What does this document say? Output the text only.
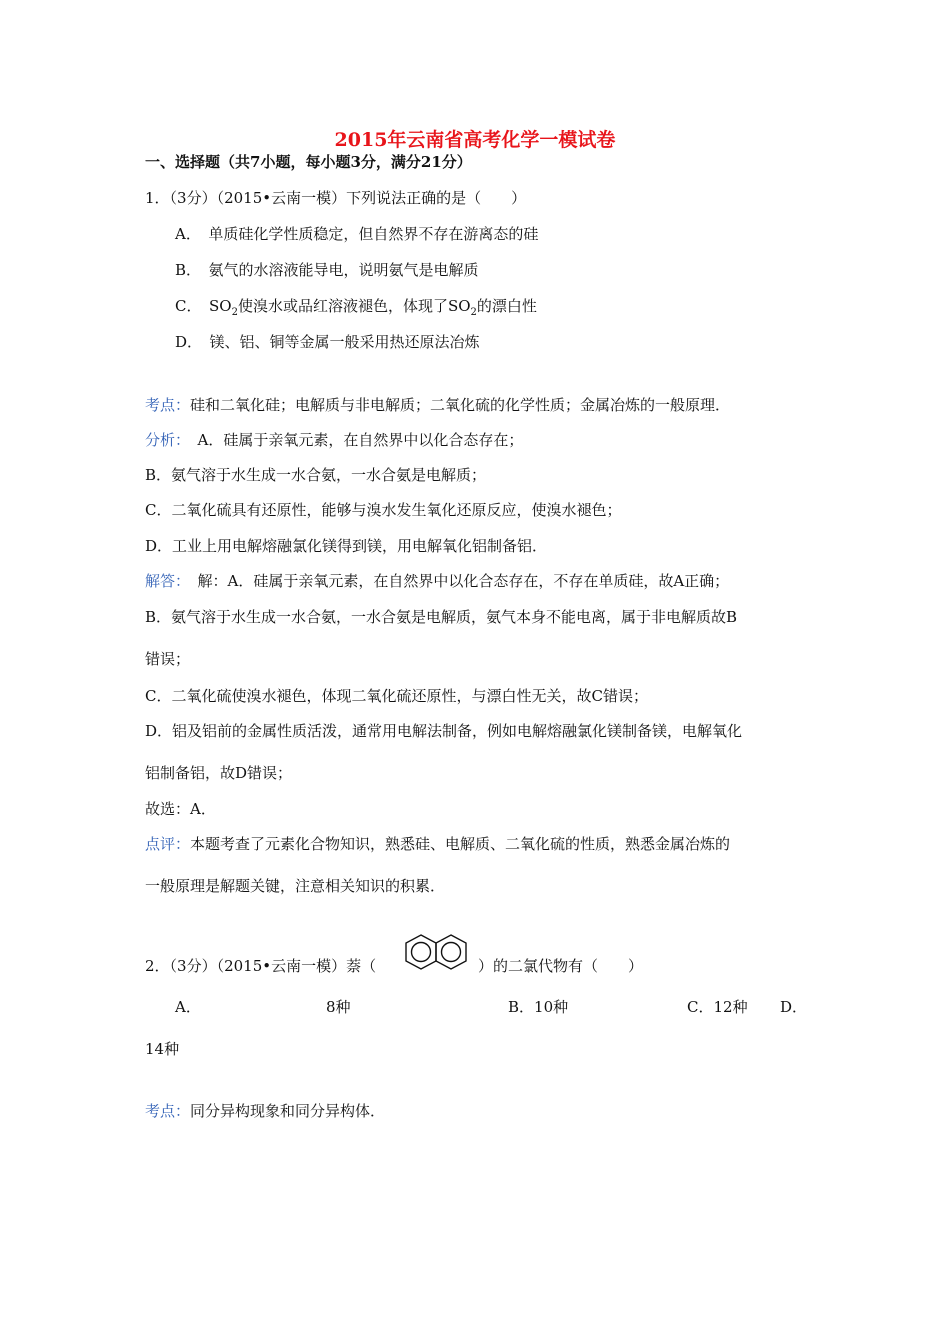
2015年云南省高考化学一模试卷
一、选择题（共7小题，每小题3分，满分21分）
1．（3分）（2015•云南一模）下列说法正确的是（　　）
A．　单质硅化学性质稳定，但自然界不存在游离态的硅
B．　氨气的水溶液能导电，说明氨气是电解质
C．　$SO_2$使溴水或品红溶液褪色，体现了$SO_2$的漂白性
D．　镁、铝、铜等金属一般采用热还原法冶炼
考点：硅和二氧化硅；电解质与非电解质；二氧化硫的化学性质；金属冶炼的一般原理．
分析：　A．硅属于亲氧元素，在自然界中以化合态存在；
B．氨气溶于水生成一水合氨，一水合氨是电解质；
C．二氧化硫具有还原性，能够与溴水发生氧化还原反应，使溴水褪色；
D．工业上用电解熔融氯化镁得到镁，用电解氧化铝制备铝．
解答：　解：A．硅属于亲氧元素，在自然界中以化合态存在，不存在单质硅，故A正确；
B．氨气溶于水生成一水合氨，一水合氨是电解质，氨气本身不能电离，属于非电解质故B
错误；
C．二氧化硫使溴水褪色，体现二氧化硫还原性，与漂白性无关，故C错误；
D．铝及铝前的金属性质活泼，通常用电解法制备，例如电解熔融氯化镁制备镁，电解氧化
铝制备铝，故D错误；
故选：A．
点评：本题考查了元素化合物知识，熟悉硅、电解质、二氧化硫的性质，熟悉金属冶炼的
一般原理是解题关键，注意相关知识的积累．
2．（3分）（2015•云南一模）萘（	）的二氯代物有（　　）
A．	8种	B．10种	C．12种 D．
14种
考点：同分异构现象和同分异构体．
